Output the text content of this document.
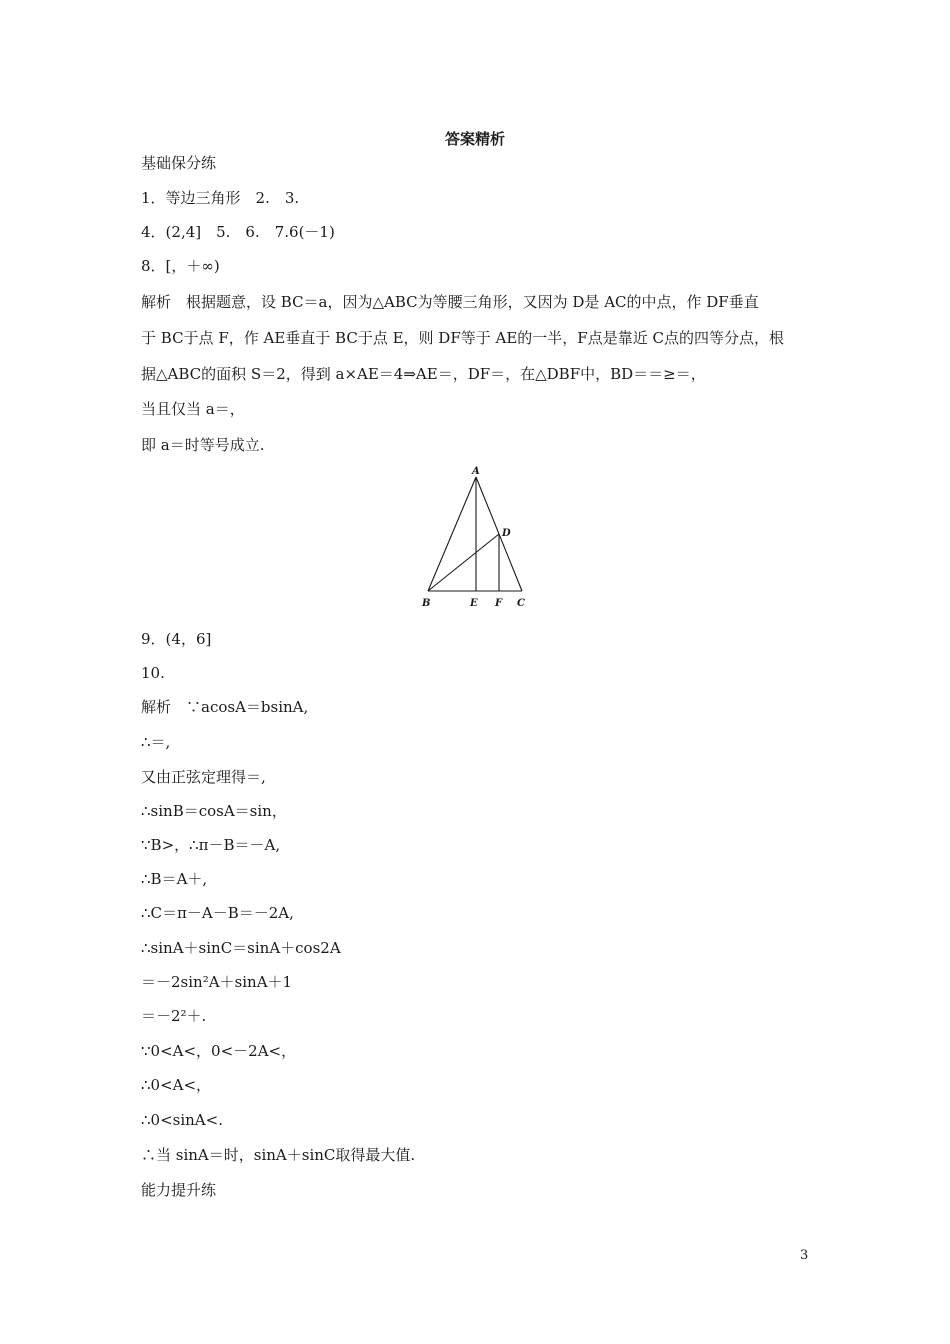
答案精析
基础保分练
1．等边三角形　2.　3.
4．(2,4]　5.　6.　7.6(－1)
8．[，＋∞)
解析　根据题意，设 BC＝a，因为△ABC为等腰三角形，又因为 D是 AC的中点，作 DF垂直
于 BC于点 F，作 AE垂直于 BC于点 E，则 DF等于 AE的一半，F点是靠近 C点的四等分点，根
据△ABC的面积 S＝2，得到 a×AE＝4⇒AE＝，DF＝，在△DBF中，BD＝＝≥＝，
当且仅当 a＝，
即 a＝时等号成立.
A
B	E F C
D
9．(4，6]
10.
解析　∵acosA＝bsinA,
∴＝,
又由正弦定理得＝,
∴sinB＝cosA＝sin，
∵B>，∴π－B＝－A,
∴B＝A＋,
∴C＝π－A－B＝－2A,
∴sinA＋sinC＝sinA＋cos2A
＝－2sin²A＋sinA＋1
＝－2²＋.
∵0<A<，0<－2A<，
∴0<A<，
∴0<sinA<.
∴当 sinA＝时，sinA＋sinC取得最大值.
能力提升练
3
